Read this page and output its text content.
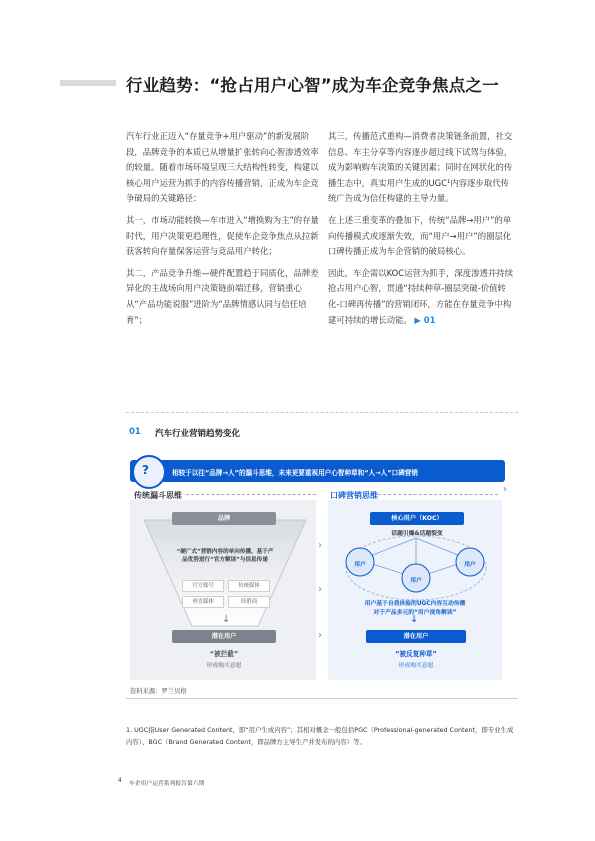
行业趋势：“抢占用户心智”成为车企竞争焦点之一

汽车行业正迈入“存量竞争+用户驱动”的新发展阶段，品牌竞争的本质已从增量扩张转向心智渗透效率的较量。随着市场环境呈现三大结构性转变，构建以核心用户运营为抓手的内容传播营销，正成为车企竞争破局的关键路径：

其一，市场动能转换—车市进入“增换购为主”的存量时代，用户决策更趋理性，促使车企竞争焦点从拉新获客转向存量保客运营与竞品用户转化；

其二，产品竞争升维—硬件配置趋于同质化，品牌差异化的主战场向用户决策链前端迁移，营销重心从“产品功能说服”进阶为“品牌情感认同与信任培育”；

其三，传播范式重构—消费者决策链条前置，社交信息、车主分享等内容逐步超过线下试驾与体验，成为影响购车决策的关键因素；同时在网状化的传播生态中，真实用户生成的UGC¹内容逐步取代传统广告成为信任构建的主导力量。

在上述三重变革的叠加下，传统“品牌→用户”的单向传播模式或逐渐失效，而“用户→用户”的圈层化口碑传播正成为车企营销的破局核心。

因此，车企需以KOC运营为抓手，深度渗透并持续抢占用户心智，贯通“持续种草-圈层突破-价值转化-口碑再传播”的营销闭环，方能在存量竞争中构建可持续的增长动能。 ▶ 01

01 汽车行业营销趋势变化
?	相较于以往“品牌→人”的漏斗思维，未来更要重视用户心智种草和“人→人”口碑营销
传统漏斗思维
品牌
“硬广式”营销内容的单向传播，基于产品优势进行“官方解读”与信息传递
官方账号	传统媒体
垂直媒体	经销商
↓
潜在用户
“被拦截”
形成购买意愿
›
›
›
›
口碑营销思维
核心用户（KOC）
话题引爆&话题裂变
用户
用户
用户
用户基于自我体验的UGC内容互动传播
对于产品多元的“用户视角解读”
↓
潜在用户
“被反复种草”
形成购买意愿
资料来源：罗兰贝格
1. UGC指User Generated Content，即“用户生成内容”；其相对概念一般包括PGC（Professional-generated Content，即专业生成内容）、BGC（Brand Generated Content，即品牌方主导生产并发布的内容）等。
4 车企用户运营系列报告第六期
